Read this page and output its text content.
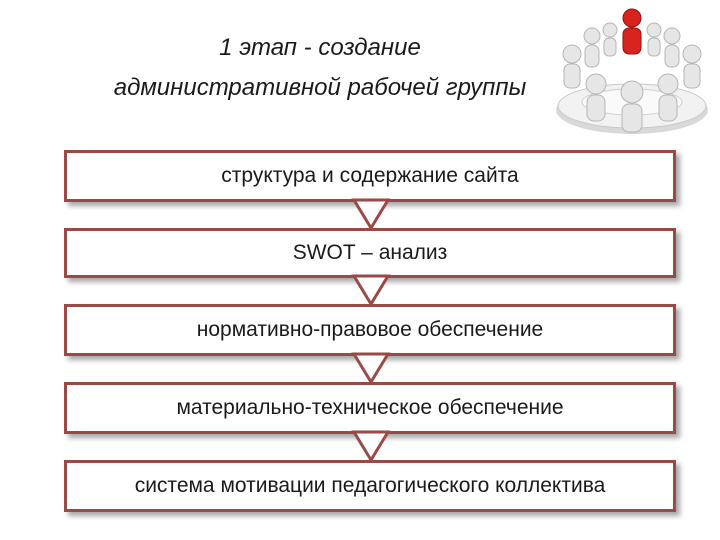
1 этап - создание
административной рабочей группы
структура и содержание сайта
SWOT – анализ
нормативно-правовое обеспечение
материально-техническое обеспечение
система мотивации педагогического коллектива
